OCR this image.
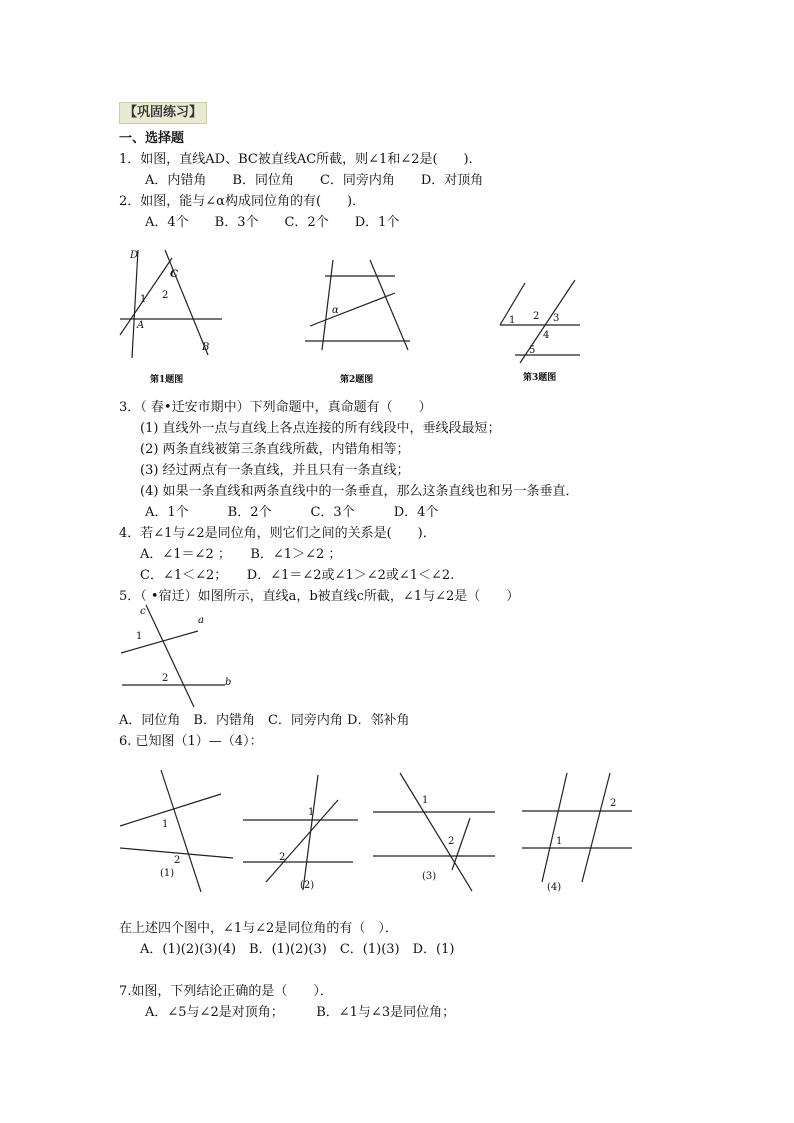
【巩固练习】
一、选择题
1．如图，直线AD、BC被直线AC所截，则∠1和∠2是(　　)．
A．内错角　　B．同位角　　C．同旁内角　　D．对顶角
2．如图，能与∠α构成同位角的有(　　)．
A．4个　　B．3个　　C．2个　　D．1个
D
C
1 2
A
B
第1题图
α
第2题图
1 2 3
4
5
第3题图
3．（ 春•迁安市期中）下列命题中，真命题有（　　）
(1) 直线外一点与直线上各点连接的所有线段中，垂线段最短；
(2) 两条直线被第三条直线所截，内错角相等；
(3) 经过两点有一条直线，并且只有一条直线；
(4) 如果一条直线和两条直线中的一条垂直，那么这条直线也和另一条垂直．
A．1个　　　B．2个　　　C．3个　　　D．4个
4．若∠1与∠2是同位角，则它们之间的关系是(　　)．
A．∠1＝∠2 ；　　B．∠1＞∠2 ；
C．∠1＜∠2；　　D．∠1＝∠2或∠1＞∠2或∠1＜∠2.
5．（ •宿迁）如图所示，直线a，b被直线c所截，∠1与∠2是（　　）
c
a
1
2	b
A．同位角　B．内错角　C．同旁内角 D．邻补角
6. 已知图（1）—（4）：
1
2
(1)
1
2
(2)
1
2
(3)
2
1
(4)
在上述四个图中，∠1与∠2是同位角的有（　）．
A．(1)(2)(3)(4)　B．(1)(2)(3)　C．(1)(3)　D．(1)
7.如图，下列结论正确的是（　　）．
A．∠5与∠2是对顶角；　　　B．∠1与∠3是同位角；
